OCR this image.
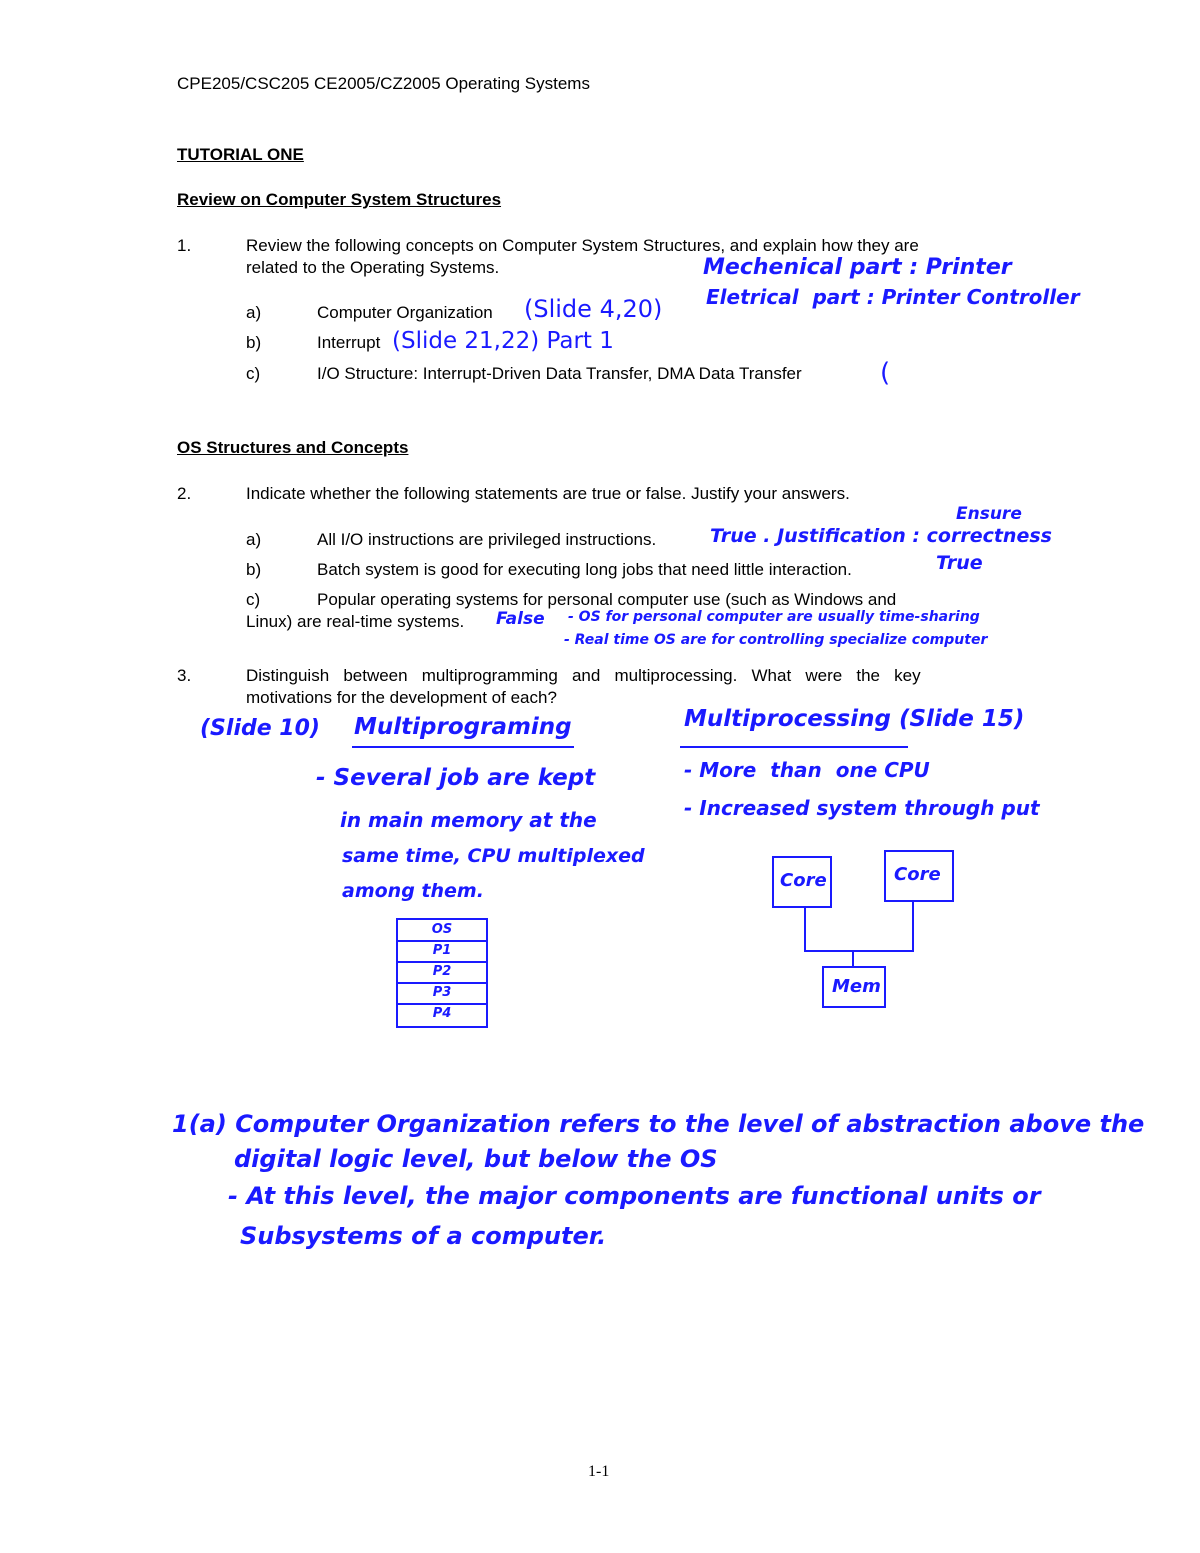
CPE205/CSC205 CE2005/CZ2005 Operating Systems
TUTORIAL ONE
Review on Computer System Structures
1.	Review the following concepts on Computer System Structures, and explain how they are
related to the Operating Systems.
a)	Computer Organization
b)	Interrupt
c)	I/O Structure: Interrupt-Driven Data Transfer, DMA Data Transfer
OS Structures and Concepts
2.	Indicate whether the following statements are true or false. Justify your answers.
a)	All I/O instructions are privileged instructions.
b)	Batch system is good for executing long jobs that need little interaction.
c)	Popular operating systems for personal computer use (such as Windows and
Linux) are real-time systems.
3.	Distinguish   between   multiprogramming   and   multiprocessing.   What   were   the   key
motivations for the development of each?
Mechenical part : Printer
Eletrical  part : Printer Controller
(Slide 4,20)
(Slide 21,22) Part 1
(
Ensure
True . Justification : correctness
True
False - OS for personal computer are usually time-sharing
- Real time OS are for controlling specialize computer
(Slide 10) Multiprograming	Multiprocessing (Slide 15)
- Several job are kept
in main memory at the
same time, CPU multiplexed
among them.
- More  than  one CPU
- Increased system through put
OS
P1
P2
P3
P4
Core	Core
Mem
1(a) Computer Organization refers to the level of abstraction above the
digital logic level, but below the OS
- At this level, the major components are functional units or
Subsystems of a computer.
1-1
